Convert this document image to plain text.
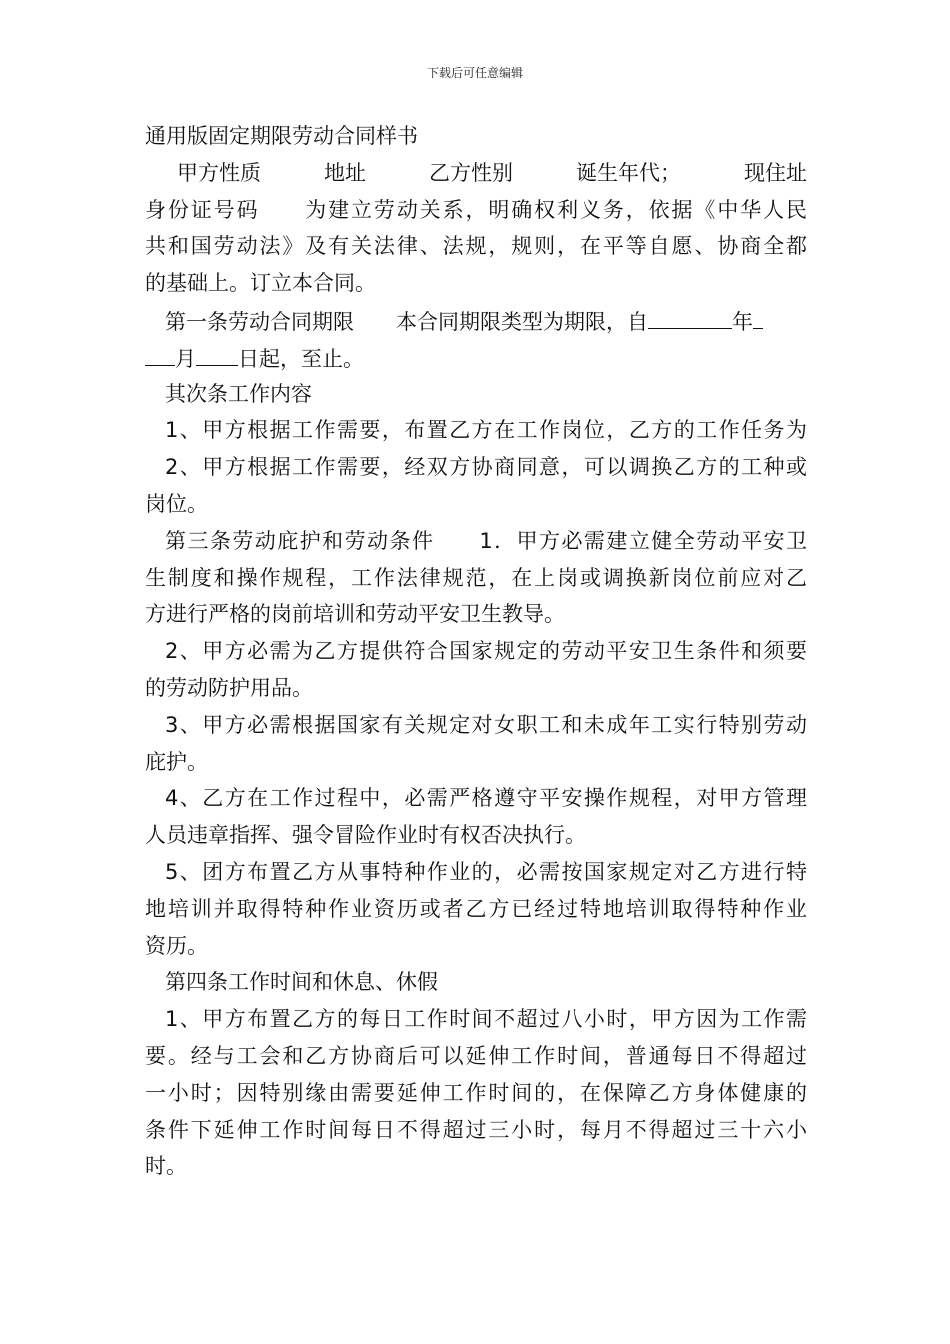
下载后可任意编辑
通用版固定期限劳动合同样书
甲方性质	地址	乙方性别	诞生年代；	现住址
身份证号码　　为建立劳动关系，明确权利义务，依据《中华人民
共和国劳动法》及有关法律、法规，规则，在平等自愿、协商全都
的基础上。订立本合同。
第一条劳动合同期限　　本合同期限类型为期限，自	年
月 日起，至止。
其次条工作内容
1、甲方根据工作需要，布置乙方在工作岗位，乙方的工作任务为
2、甲方根据工作需要，经双方协商同意，可以调换乙方的工种或
岗位。
第三条劳动庇护和劳动条件　　1．甲方必需建立健全劳动平安卫
生制度和操作规程，工作法律规范，在上岗或调换新岗位前应对乙
方进行严格的岗前培训和劳动平安卫生教导。
2、甲方必需为乙方提供符合国家规定的劳动平安卫生条件和须要
的劳动防护用品。
3、甲方必需根据国家有关规定对女职工和未成年工实行特别劳动
庇护。
4、乙方在工作过程中，必需严格遵守平安操作规程，对甲方管理
人员违章指挥、强令冒险作业时有权否决执行。
5、团方布置乙方从事特种作业的，必需按国家规定对乙方进行特
地培训并取得特种作业资历或者乙方已经过特地培训取得特种作业
资历。
第四条工作时间和休息、休假
1、甲方布置乙方的每日工作时间不超过八小时，甲方因为工作需
要。经与工会和乙方协商后可以延伸工作时间，普通每日不得超过
一小时；因特别缘由需要延伸工作时间的，在保障乙方身体健康的
条件下延伸工作时间每日不得超过三小时，每月不得超过三十六小
时。
